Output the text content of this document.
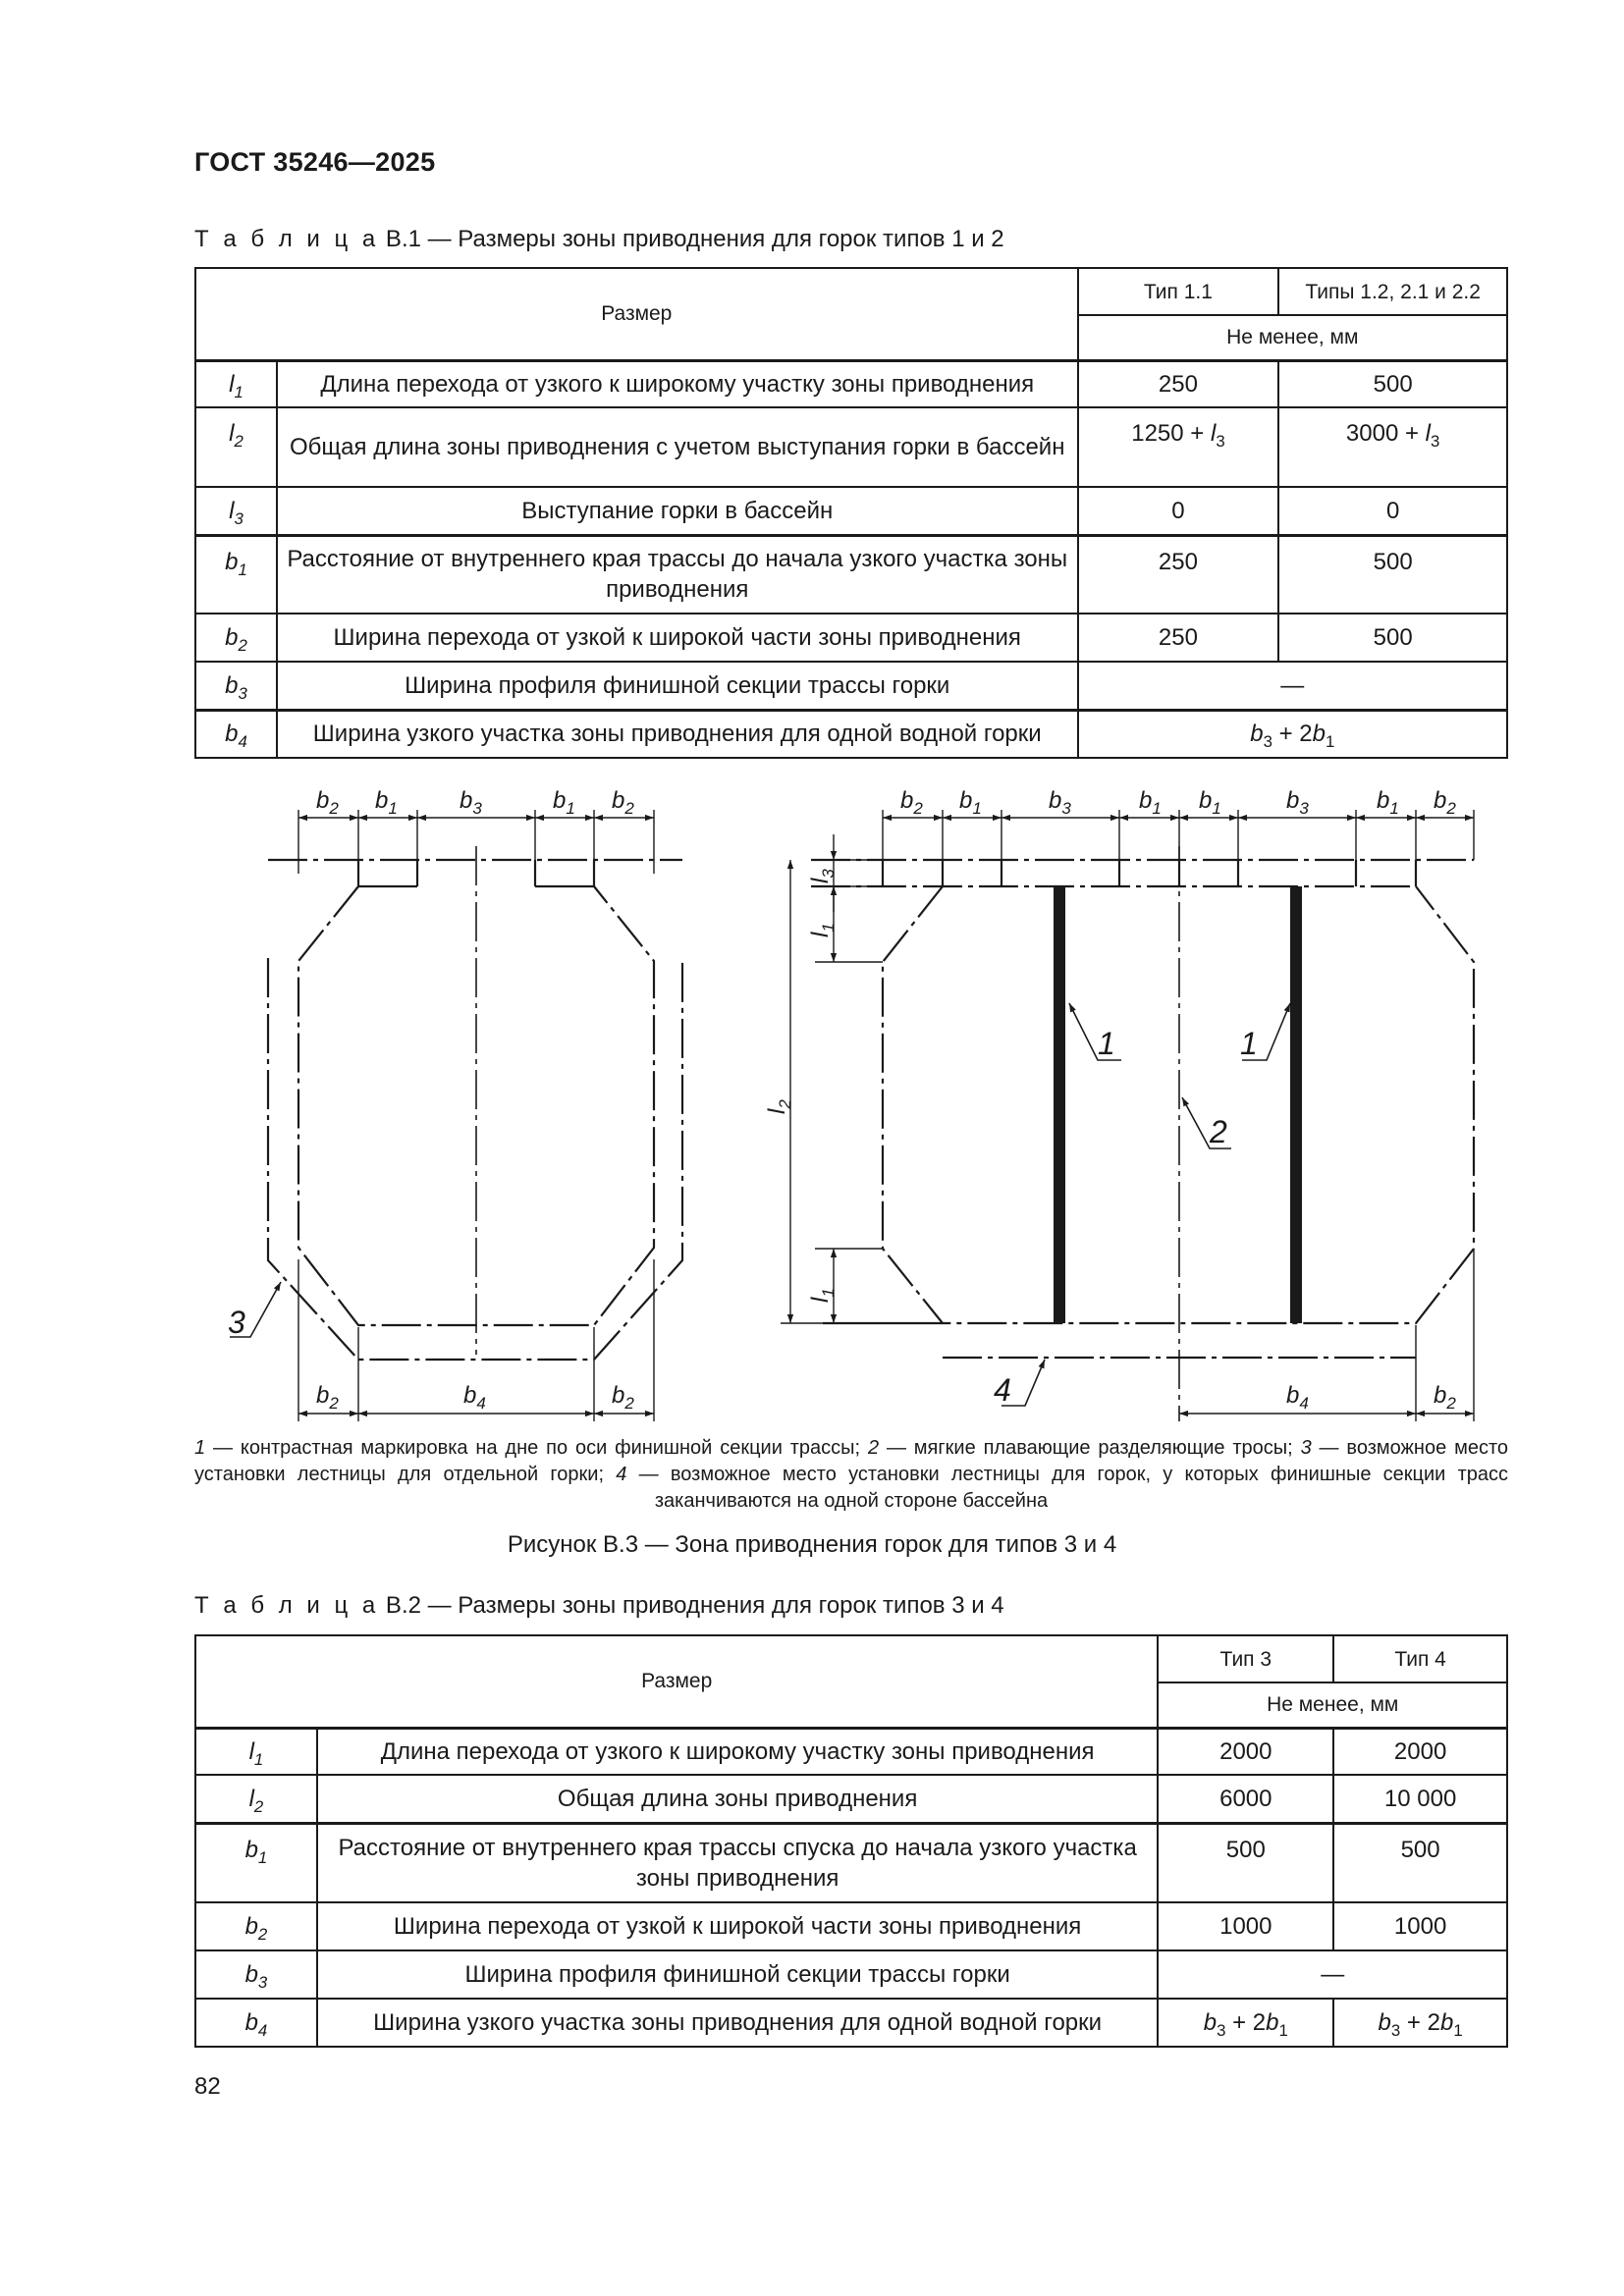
ГОСТ 35246—2025
Т а б л и ц а В.1 — Размеры зоны приводнения для горок типов 1 и 2
Размер		Тип 1.1	Типы 1.2, 2.1 и 2.2
		Не менее, мм	
$l_1$	Длина перехода от узкого к широкому участку зоны приводнения	250	500
$l_2$	Общая длина зоны приводнения с учетом выступания горки в бассейн	$1250 + l_3$	$3000 + l_3$
$l_3$	Выступание горки в бассейн	0	0
$b_1$	Расстояние от внутреннего края трассы до начала узкого участка зоны приводнения	250	500
$b_2$	Ширина перехода от узкой к широкой части зоны приводнения	250	500
$b_3$	Ширина профиля финишной секции трассы горки	—	
$b_4$	Ширина узкого участка зоны приводнения для одной водной горки	$b_3 + 2b_1$
$b_2$ $b_1$	$b_3$	$b_1$ $b_2$
$b_2$	$b_4$	$b_2$
$b_2$ $b_1$	$b_3$	$b_1$ $b_1$	$b_3$	$b_1$ $b_2$
$b_4$	$b_2$
$l_3$
$l_1$
$l_2$
$l_1$
1	1
2
3
4
1 — контрастная маркировка на дне по оси финишной секции трассы; 2 — мягкие плавающие разделяющие тросы; 3 — возможное место установки лестницы для отдельной горки; 4 — возможное место установки лестницы для горок, у которых финишные секции трасс заканчиваются на одной стороне бассейна
Рисунок В.3 — Зона приводнения горок для типов 3 и 4
Т а б л и ц а В.2 — Размеры зоны приводнения для горок типов 3 и 4
Размер		Тип 3	Тип 4
		Не менее, мм	
$l_1$	Длина перехода от узкого к широкому участку зоны приводнения	2000	2000
$l_2$	Общая длина зоны приводнения	6000	10 000
$b_1$	Расстояние от внутреннего края трассы спуска до начала узкого участка зоны приводнения	500	500
$b_2$	Ширина перехода от узкой к широкой части зоны приводнения	1000	1000
$b_3$	Ширина профиля финишной секции трассы горки	—	
$b_4$	Ширина узкого участка зоны приводнения для одной водной горки	$b_3 + 2b_1$	$b_3 + 2b_1$
82
